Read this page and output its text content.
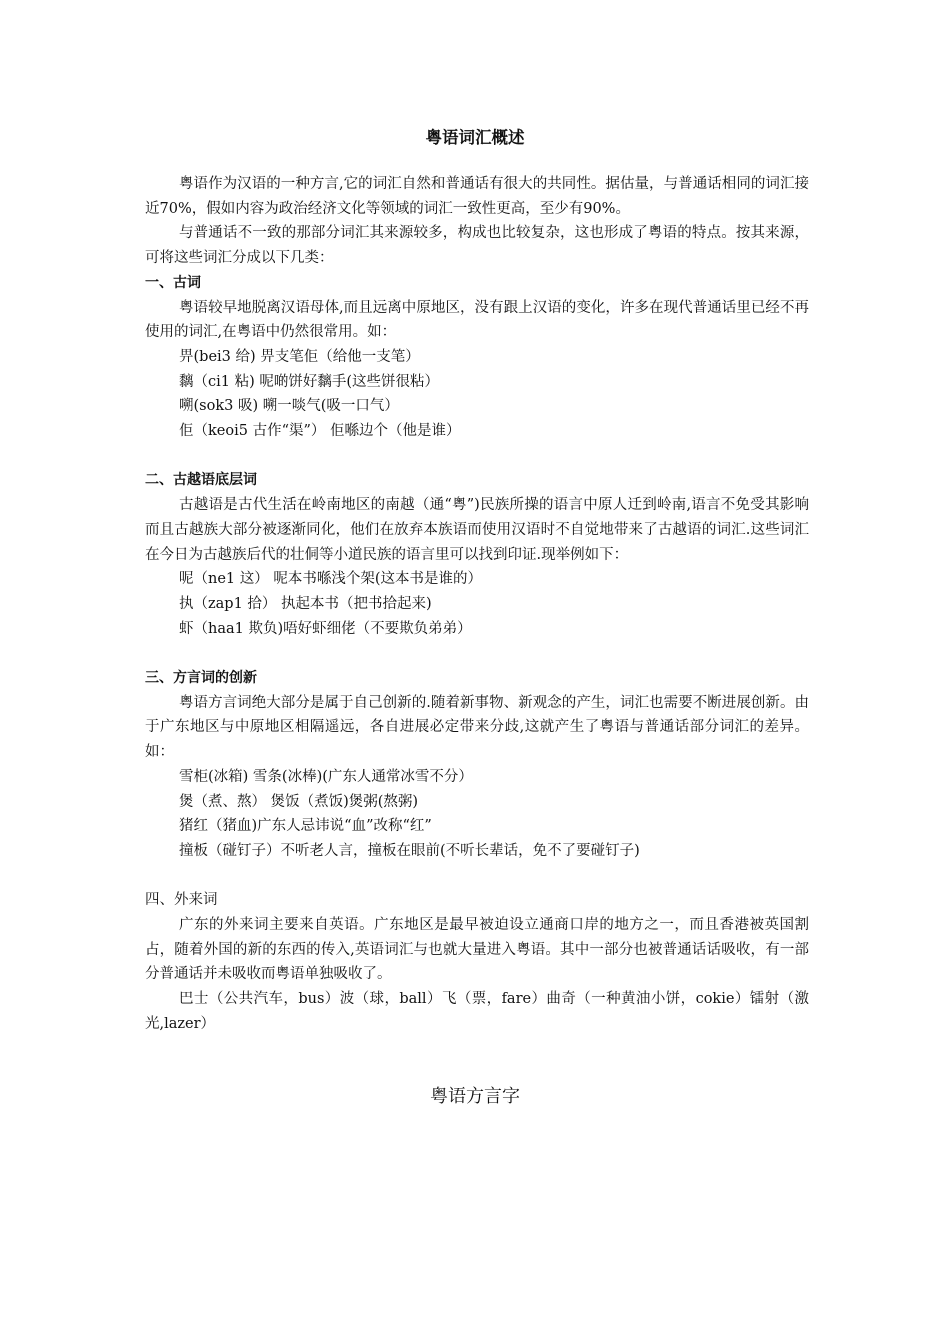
粤语词汇概述

粤语作为汉语的一种方言,它的词汇自然和普通话有很大的共同性。据估量，与普通话相同的词汇接近70%，假如内容为政治经济文化等领域的词汇一致性更高，至少有90%。

与普通话不一致的那部分词汇其来源较多，构成也比较复杂，这也形成了粤语的特点。按其来源，可将这些词汇分成以下几类：

一、古词

粤语较早地脱离汉语母体,而且远离中原地区，没有跟上汉语的变化，许多在现代普通话里已经不再使用的词汇,在粤语中仍然很常用。如：

畀(bei3 给) 畀支笔佢（给他一支笔）

黐（ci1 粘) 呢啲饼好黐手(这些饼很粘）

嗍(sok3 吸) 嗍一啖气(吸一口气）

佢（keoi5 古作“渠”） 佢喺边个（他是谁）

二、古越语底层词

古越语是古代生活在岭南地区的南越（通“粤”)民族所操的语言中原人迁到岭南,语言不免受其影响而且古越族大部分被逐渐同化，他们在放弃本族语而使用汉语时不自觉地带来了古越语的词汇.这些词汇在今日为古越族后代的壮侗等小道民族的语言里可以找到印证.现举例如下：

呢（ne1 这） 呢本书喺浅个架(这本书是谁的）

执（zap1 拾） 执起本书（把书拾起来)

虾（haa1 欺负)唔好虾细佬（不要欺负弟弟）

三、方言词的创新

粤语方言词绝大部分是属于自己创新的.随着新事物、新观念的产生，词汇也需要不断进展创新。由于广东地区与中原地区相隔遥远，各自进展必定带来分歧,这就产生了粤语与普通话部分词汇的差异。如：

雪柜(冰箱) 雪条(冰棒)(广东人通常冰雪不分）

煲（煮、熬） 煲饭（煮饭)煲粥(熬粥)

猪红（猪血)广东人忌讳说“血”改称“红”

撞板（碰钉子）不听老人言，撞板在眼前(不听长辈话，免不了要碰钉子)

四、外来词

广东的外来词主要来自英语。广东地区是最早被迫设立通商口岸的地方之一，而且香港被英国割占，随着外国的新的东西的传入,英语词汇与也就大量进入粤语。其中一部分也被普通话话吸收，有一部分普通话并未吸收而粤语单独吸收了。

巴士（公共汽车，bus）波（球，ball）飞（票，fare）曲奇（一种黄油小饼，cokie）镭射（激光,lazer）

粤语方言字
